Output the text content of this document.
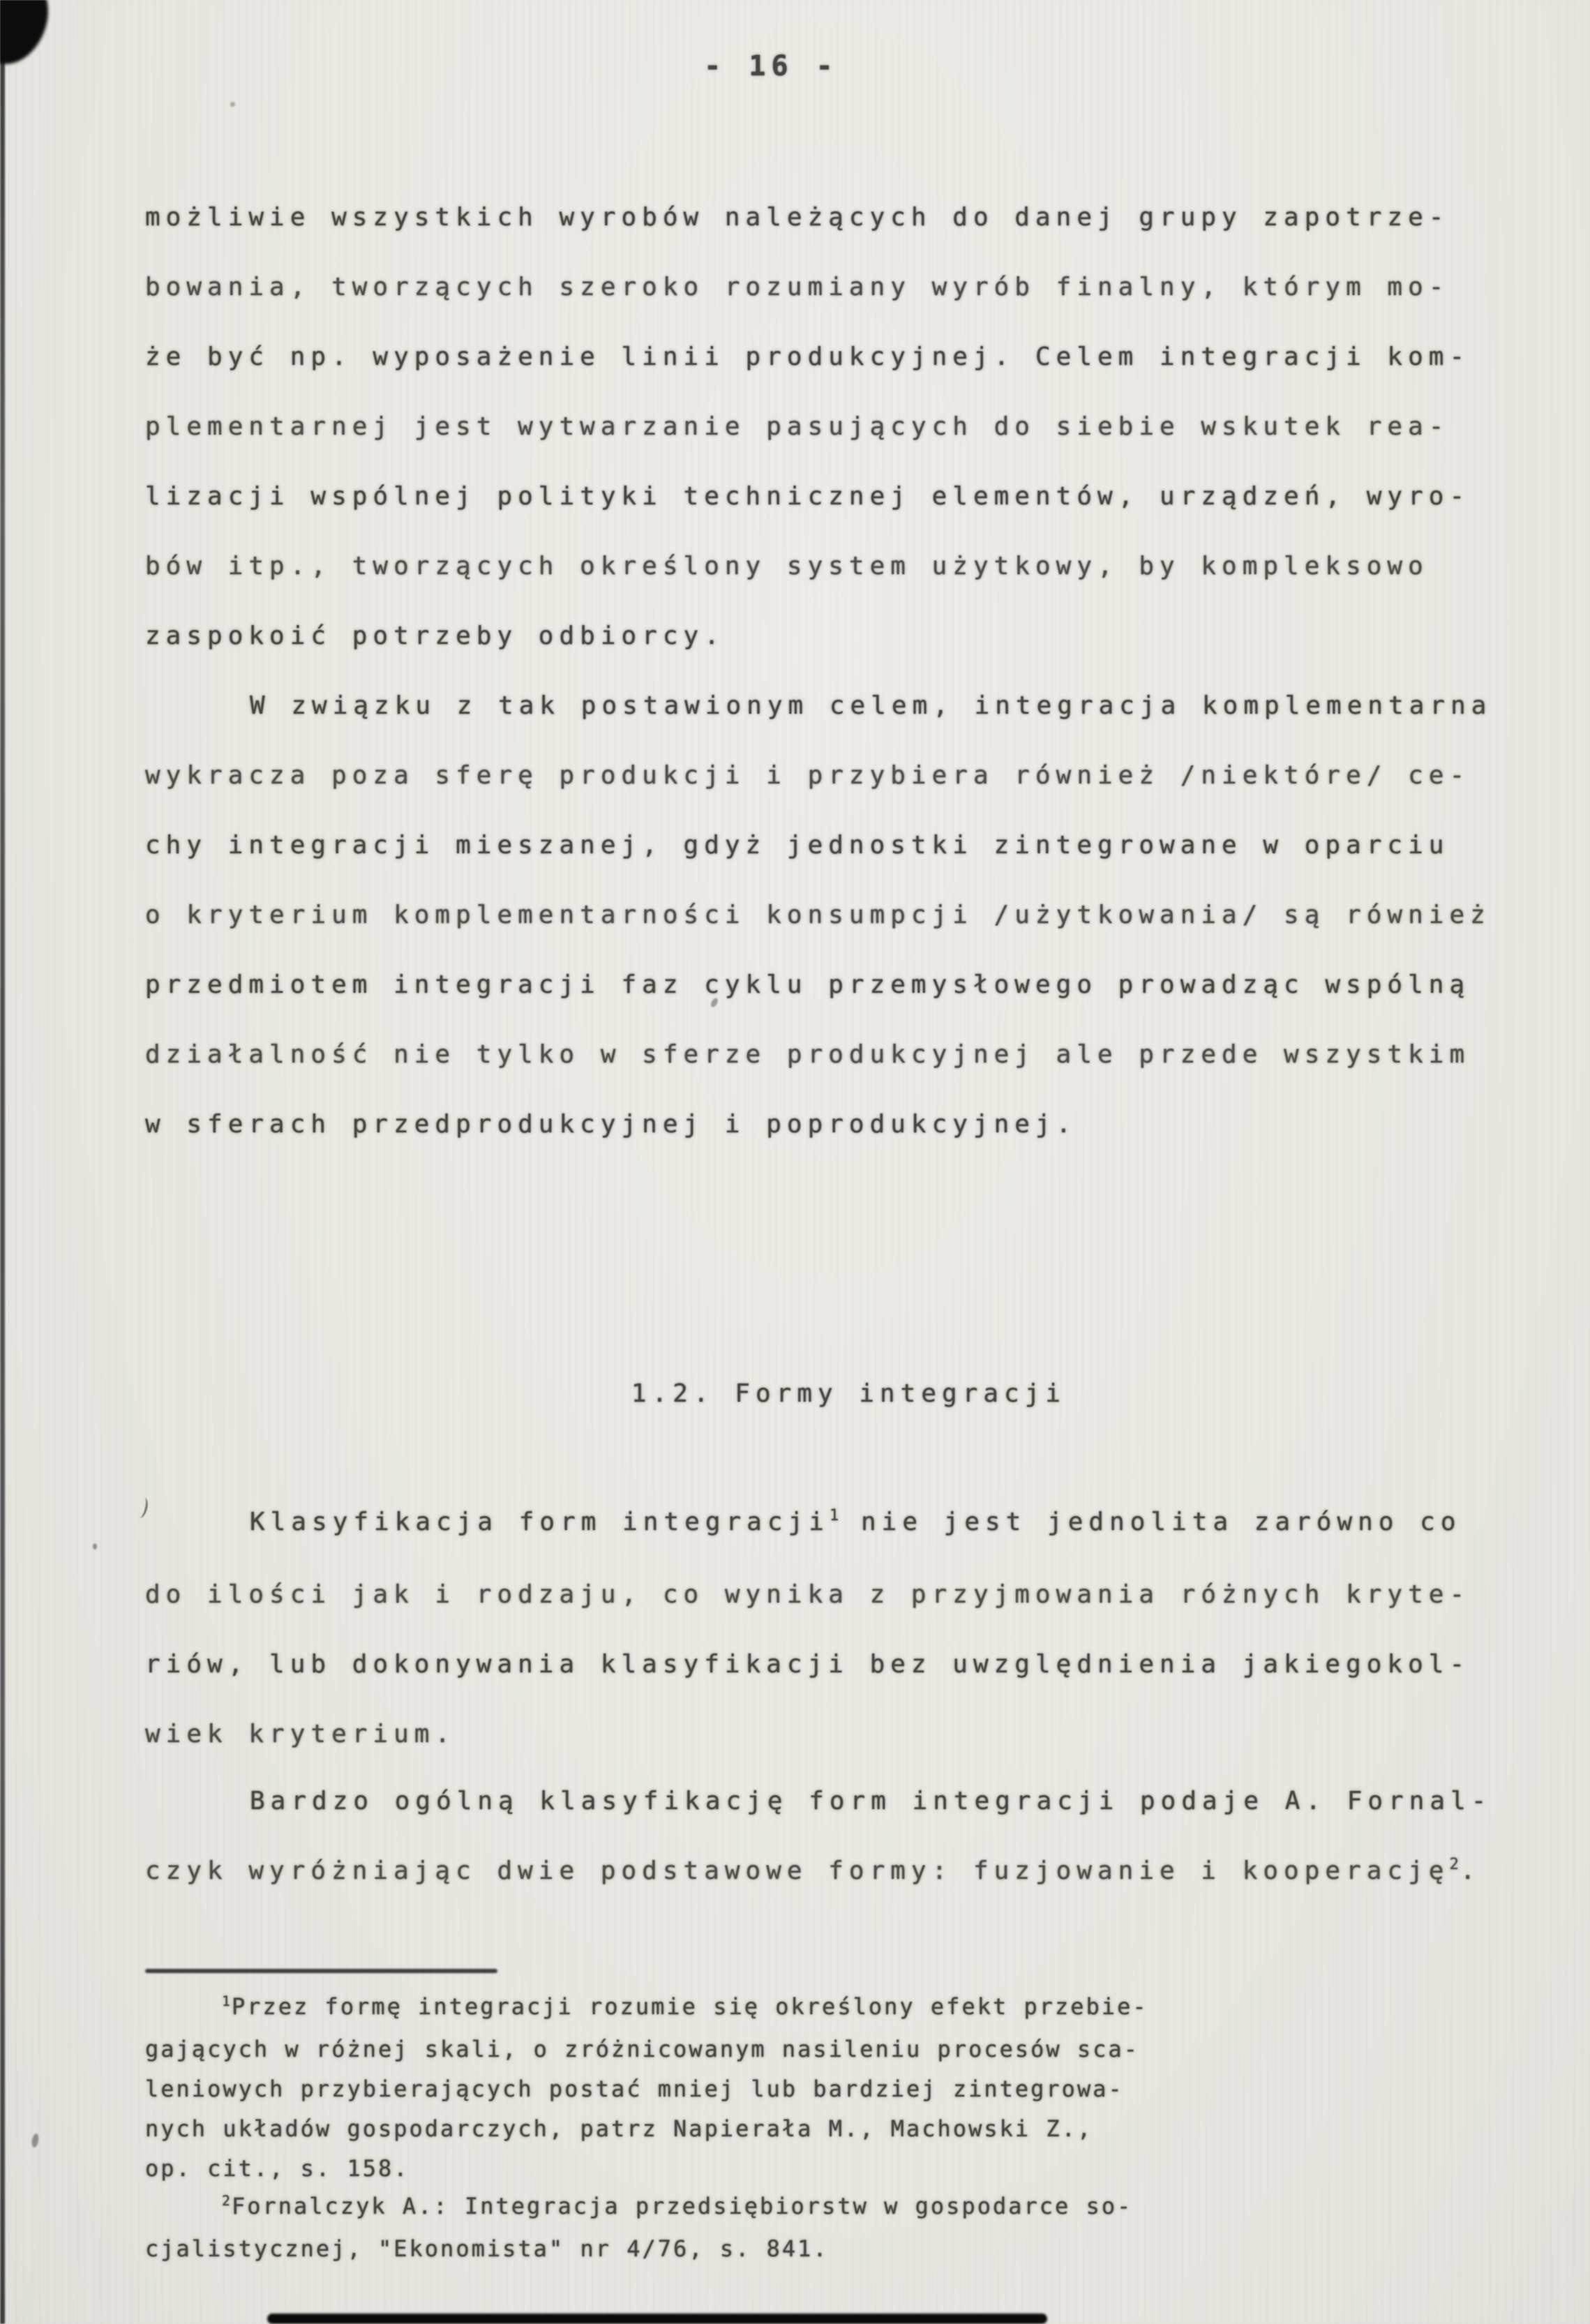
- 16 -
możliwie wszystkich wyrobów należących do danej grupy zapotrze-
bowania, tworzących szeroko rozumiany wyrób finalny, którym mo-
że być np. wyposażenie linii produkcyjnej. Celem integracji kom-
plementarnej jest wytwarzanie pasujących do siebie wskutek rea-
lizacji wspólnej polityki technicznej elementów, urządzeń, wyro-
bów itp., tworzących określony system użytkowy, by kompleksowo
zaspokoić potrzeby odbiorcy.
W związku z tak postawionym celem, integracja komplementarna
wykracza poza sferę produkcji i przybiera również /niektóre/ ce-
chy integracji mieszanej, gdyż jednostki zintegrowane w oparciu
o kryterium komplementarności konsumpcji /użytkowania/ są również
przedmiotem integracji faz cyklu przemysłowego prowadząc wspólną
działalność nie tylko w sferze produkcyjnej ale przede wszystkim
w sferach przedprodukcyjnej i poprodukcyjnej.
1.2. Formy integracji
Klasyfikacja form integracji1 nie jest jednolita zarówno co
do ilości jak i rodzaju, co wynika z przyjmowania różnych kryte-
riów, lub dokonywania klasyfikacji bez uwzględnienia jakiegokol-
wiek kryterium.
Bardzo ogólną klasyfikację form integracji podaje A. Fornal-
czyk wyróżniając dwie podstawowe formy: fuzjowanie i kooperację2.
1Przez formę integracji rozumie się określony efekt przebie-
gających w różnej skali, o zróżnicowanym nasileniu procesów sca-
leniowych przybierających postać mniej lub bardziej zintegrowa-
nych układów gospodarczych, patrz Napierała M., Machowski Z.,
op. cit., s. 158.
2Fornalczyk A.: Integracja przedsiębiorstw w gospodarce so-
cjalistycznej, "Ekonomista" nr 4/76, s. 841.
